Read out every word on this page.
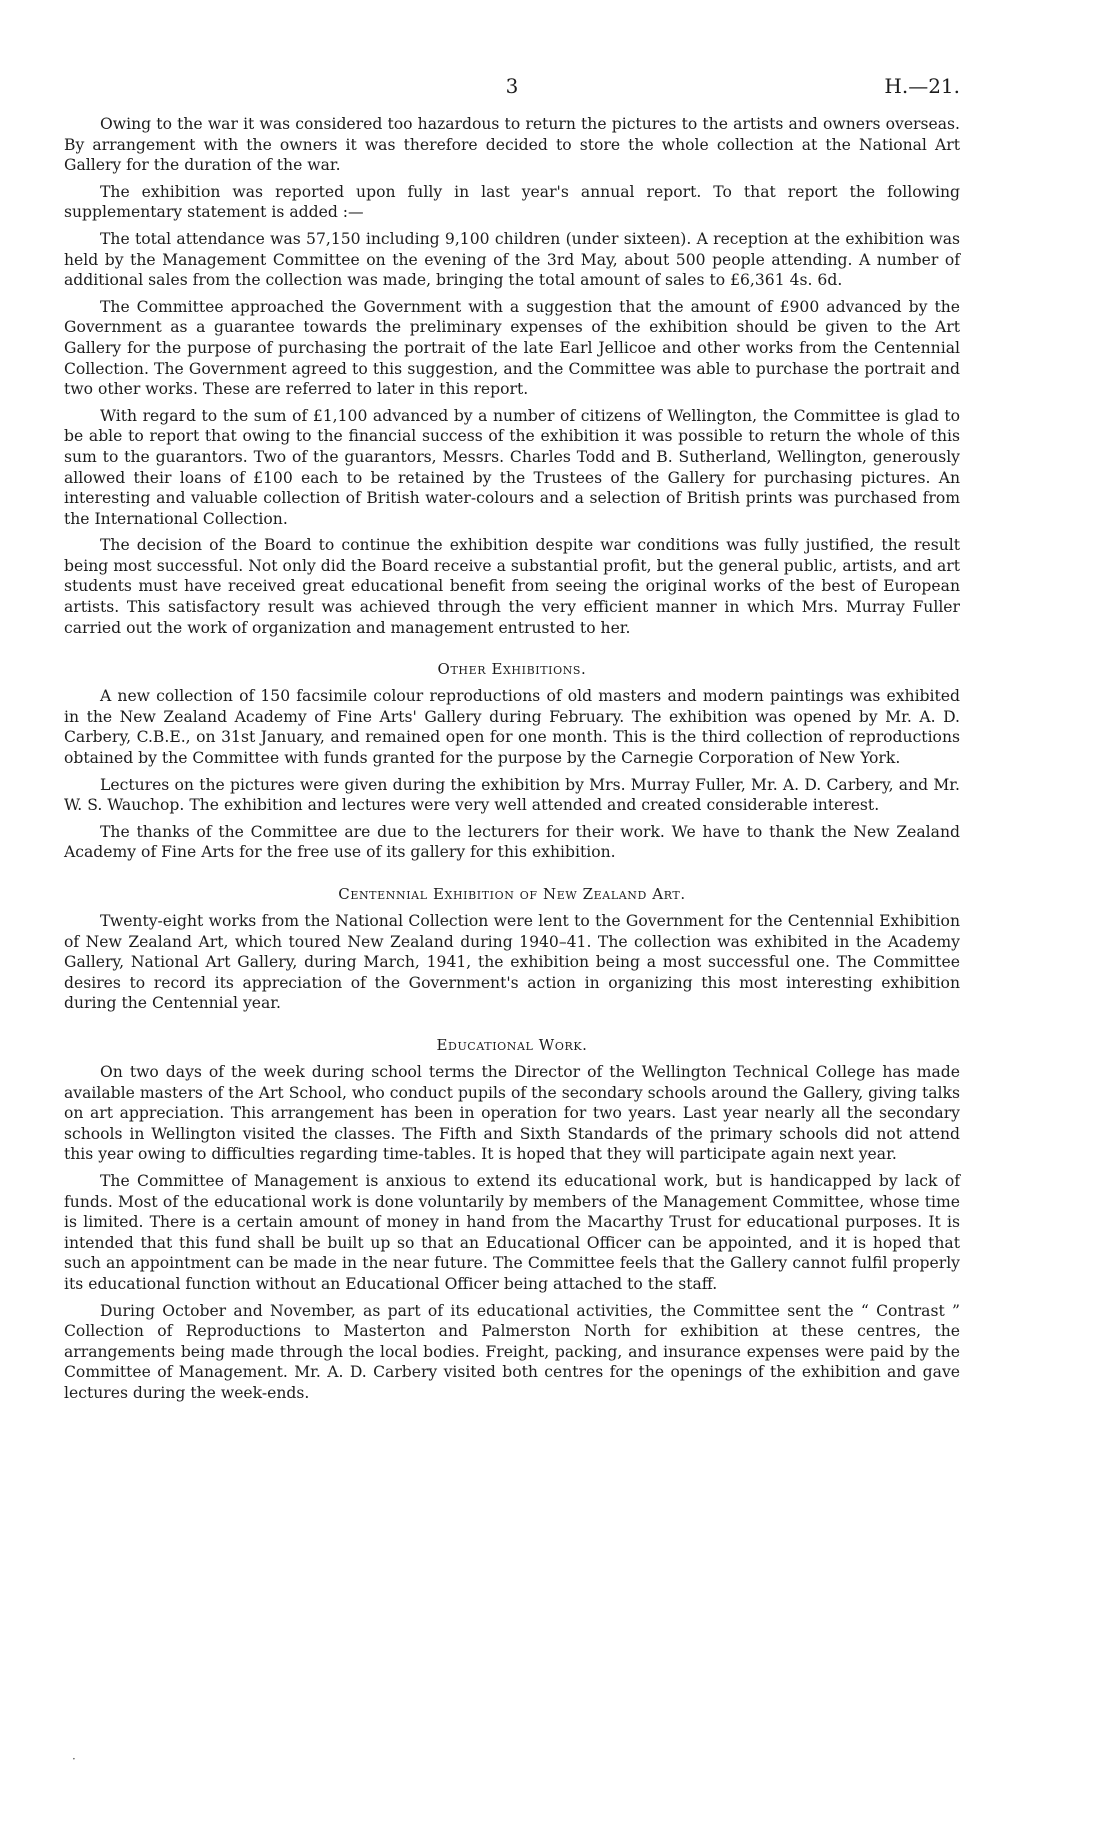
3	H.—21.

Owing to the war it was considered too hazardous to return the pictures to the artists and owners overseas. By arrangement with the owners it was therefore decided to store the whole collection at the National Art Gallery for the duration of the war.

The exhibition was reported upon fully in last year's annual report. To that report the following supplementary statement is added :—

The total attendance was 57,150 including 9,100 children (under sixteen). A reception at the exhibition was held by the Management Committee on the evening of the 3rd May, about 500 people attending. A number of additional sales from the collection was made, bringing the total amount of sales to £6,361 4s. 6d.

The Committee approached the Government with a suggestion that the amount of £900 advanced by the Government as a guarantee towards the preliminary expenses of the exhibition should be given to the Art Gallery for the purpose of purchasing the portrait of the late Earl Jellicoe and other works from the Centennial Collection. The Government agreed to this suggestion, and the Committee was able to purchase the portrait and two other works. These are referred to later in this report.

With regard to the sum of £1,100 advanced by a number of citizens of Wellington, the Committee is glad to be able to report that owing to the financial success of the exhibition it was possible to return the whole of this sum to the guarantors. Two of the guarantors, Messrs. Charles Todd and B. Sutherland, Wellington, generously allowed their loans of £100 each to be retained by the Trustees of the Gallery for purchasing pictures. An interesting and valuable collection of British water-colours and a selection of British prints was purchased from the International Collection.

The decision of the Board to continue the exhibition despite war conditions was fully justified, the result being most successful. Not only did the Board receive a substantial profit, but the general public, artists, and art students must have received great educational benefit from seeing the original works of the best of European artists. This satisfactory result was achieved through the very efficient manner in which Mrs. Murray Fuller carried out the work of organization and management entrusted to her.

Other Exhibitions.

A new collection of 150 facsimile colour reproductions of old masters and modern paintings was exhibited in the New Zealand Academy of Fine Arts' Gallery during February. The exhibition was opened by Mr. A. D. Carbery, C.B.E., on 31st January, and remained open for one month. This is the third collection of reproductions obtained by the Committee with funds granted for the purpose by the Carnegie Corporation of New York.

Lectures on the pictures were given during the exhibition by Mrs. Murray Fuller, Mr. A. D. Carbery, and Mr. W. S. Wauchop. The exhibition and lectures were very well attended and created considerable interest.

The thanks of the Committee are due to the lecturers for their work. We have to thank the New Zealand Academy of Fine Arts for the free use of its gallery for this exhibition.

Centennial Exhibition of New Zealand Art.

Twenty-eight works from the National Collection were lent to the Government for the Centennial Exhibition of New Zealand Art, which toured New Zealand during 1940–41. The collection was exhibited in the Academy Gallery, National Art Gallery, during March, 1941, the exhibition being a most successful one. The Committee desires to record its appreciation of the Government's action in organizing this most interesting exhibition during the Centennial year.

Educational Work.

On two days of the week during school terms the Director of the Wellington Technical College has made available masters of the Art School, who conduct pupils of the secondary schools around the Gallery, giving talks on art appreciation. This arrangement has been in operation for two years. Last year nearly all the secondary schools in Wellington visited the classes. The Fifth and Sixth Standards of the primary schools did not attend this year owing to difficulties regarding time-tables. It is hoped that they will participate again next year.

The Committee of Management is anxious to extend its educational work, but is handicapped by lack of funds. Most of the educational work is done voluntarily by members of the Management Committee, whose time is limited. There is a certain amount of money in hand from the Macarthy Trust for educational purposes. It is intended that this fund shall be built up so that an Educational Officer can be appointed, and it is hoped that such an appointment can be made in the near future. The Committee feels that the Gallery cannot fulfil properly its educational function without an Educational Officer being attached to the staff.

During October and November, as part of its educational activities, the Committee sent the “ Contrast ” Collection of Reproductions to Masterton and Palmerston North for exhibition at these centres, the arrangements being made through the local bodies. Freight, packing, and insurance expenses were paid by the Committee of Management. Mr. A. D. Carbery visited both centres for the openings of the exhibition and gave lectures during the week-ends.

·
